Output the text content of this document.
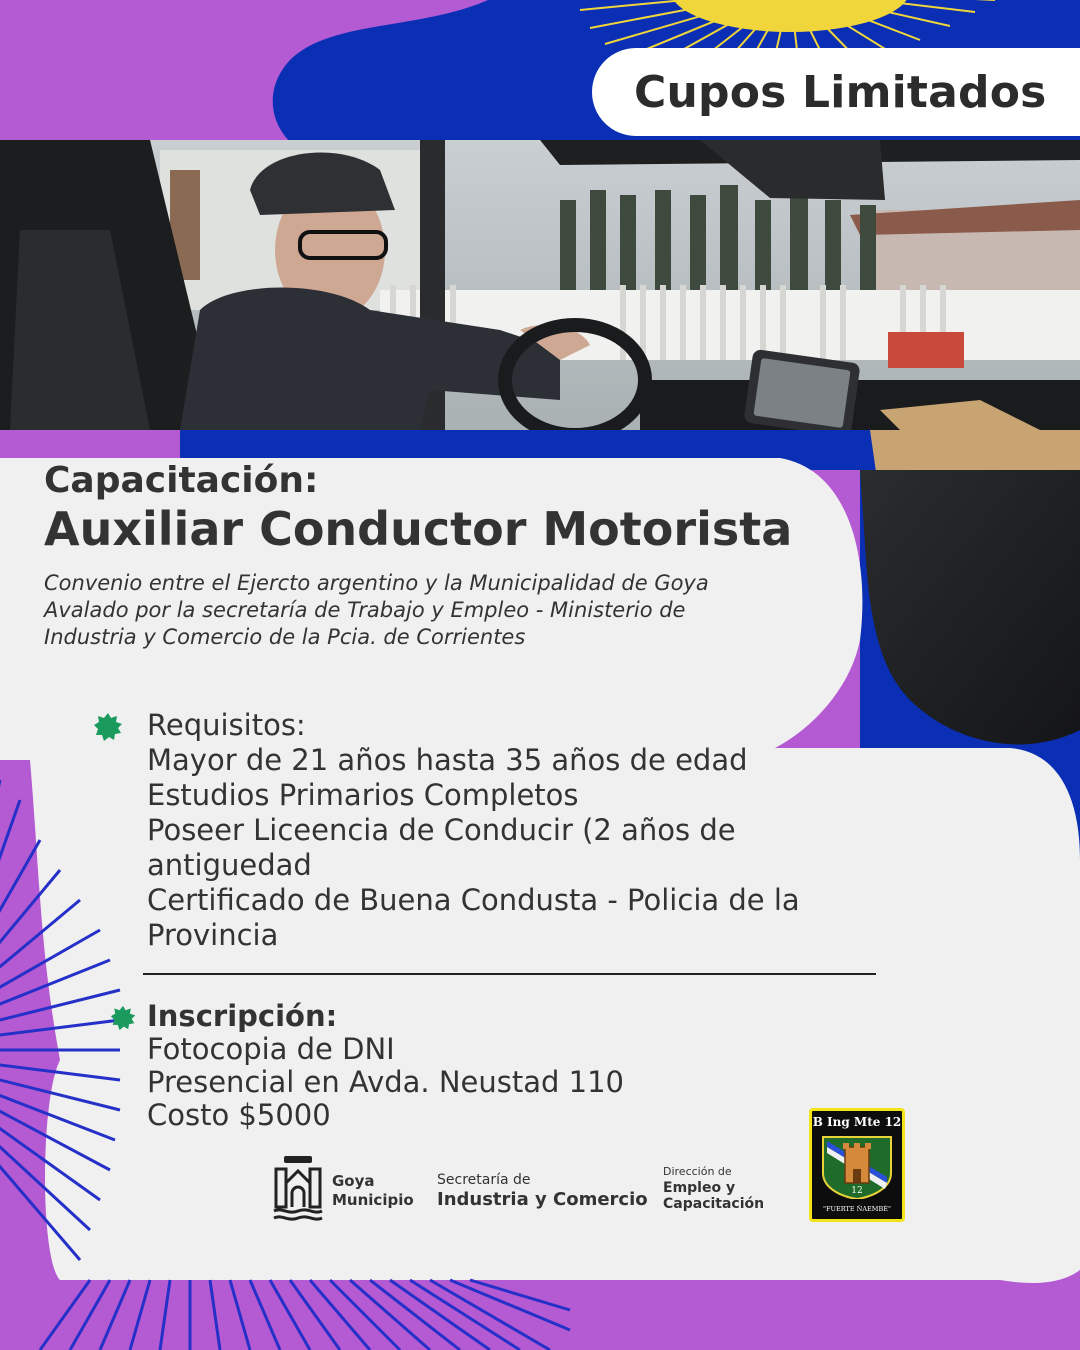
Cupos Limitados
Capacitación:
Auxiliar Conductor Motorista
Convenio entre el Ejercto argentino y la Municipalidad de Goya
Avalado por la secretaría de Trabajo y Empleo - Ministerio de
Industria y Comercio de la Pcia. de Corrientes
Requisitos:
Mayor de 21 años hasta 35 años de edad
Estudios Primarios Completos
Poseer Liceencia de Conducir (2 años de
antiguedad
Certificado de Buena Condusta - Policia de la
Provincia
Inscripción:
Fotocopia de DNI
Presencial en Avda. Neustad 110
Costo $5000
Goya
Municipio
Secretaría de
Industria y Comercio
Dirección de
Empleo y
Capacitación
B Ing Mte 12
12
"FUERTE ÑAEMBÉ"
